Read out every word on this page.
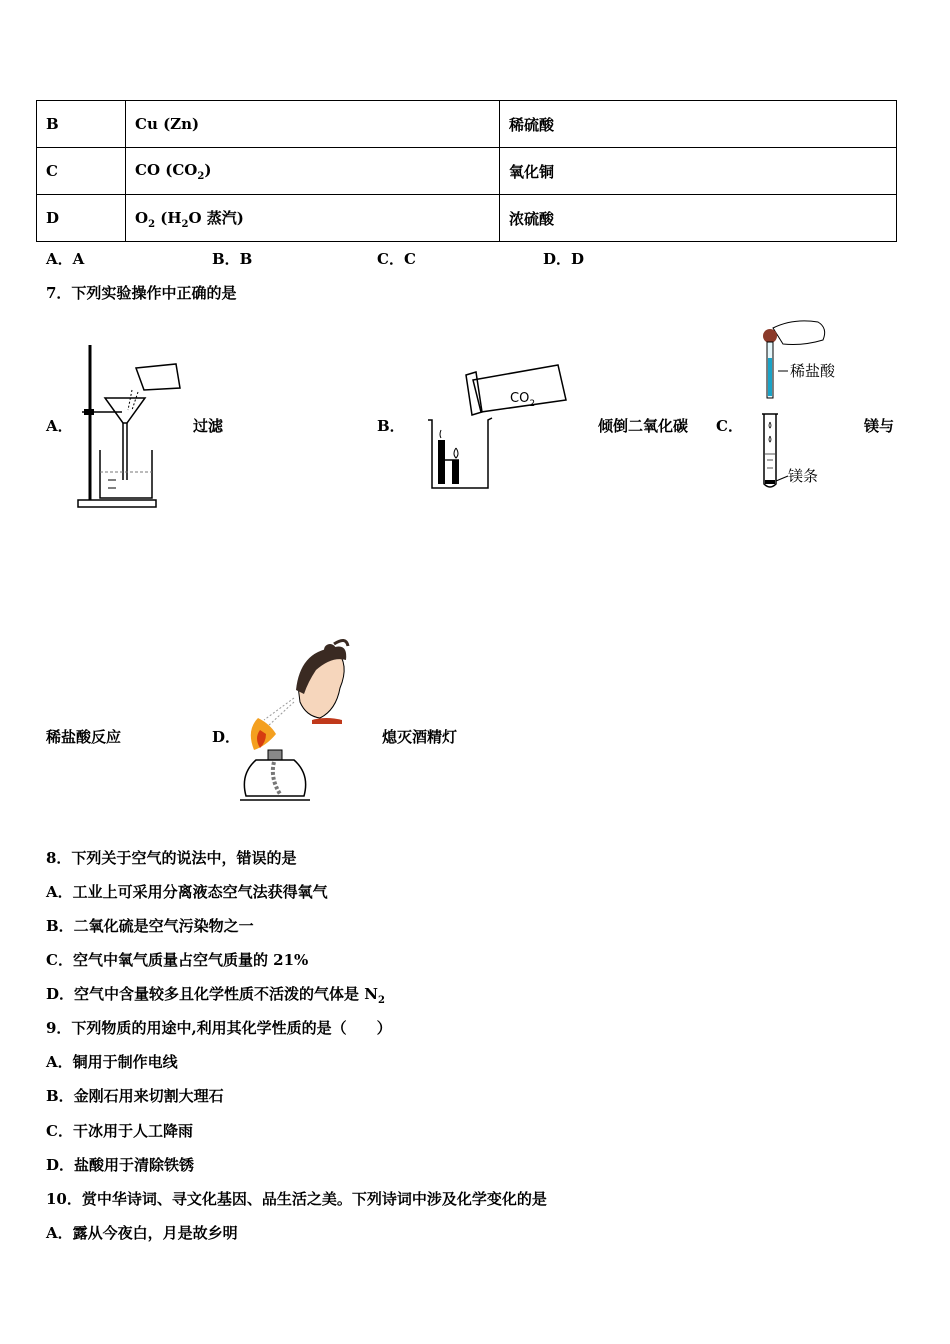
B	Cu (Zn)	稀硫酸
C	CO $(CO_2)$	氧化铜
D	$O_2$ ($H_2O$ 蒸汽)	浓硫酸
A．A	B．B	C．C	D．D
7．下列实验操作中正确的是
A．	过滤	B．
$CO_2$
倾倒二氧化碳 C．
稀盐酸
镁条
镁与
稀盐酸反应	D．	熄灭酒精灯
8．下列关于空气的说法中，错误的是
A．工业上可采用分离液态空气法获得氧气
B．二氧化硫是空气污染物之一
C．空气中氧气质量占空气质量的 21%
D．空气中含量较多且化学性质不活泼的气体是 $N_2$
9．下列物质的用途中,利用其化学性质的是（　　）
A．铜用于制作电线
B．金刚石用来切割大理石
C．干冰用于人工降雨
D．盐酸用于清除铁锈
10．赏中华诗词、寻文化基因、品生活之美。下列诗词中涉及化学变化的是
A．露从今夜白，月是故乡明
